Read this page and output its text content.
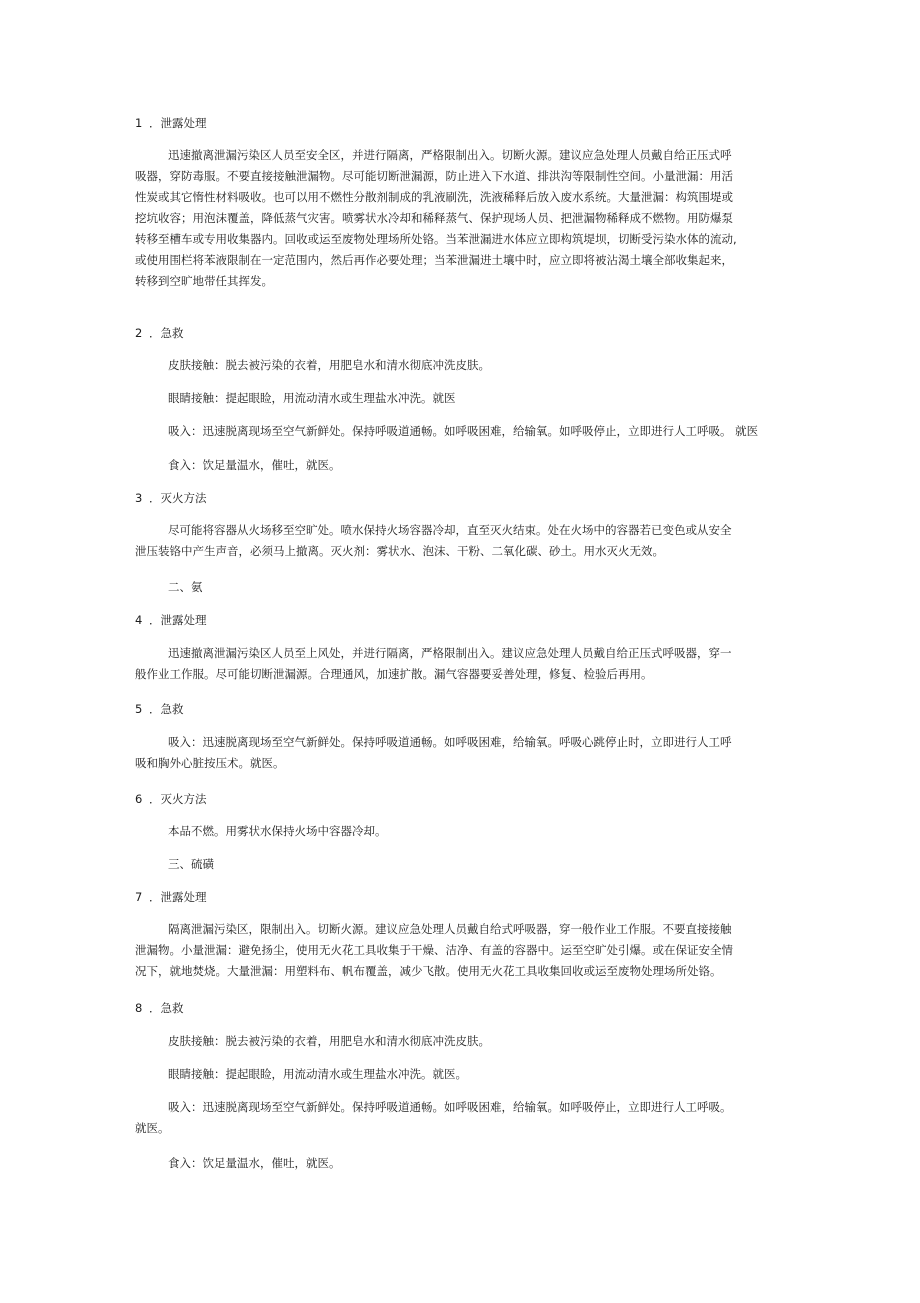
1 ．泄露处理
迅速撤离泄漏污染区人员至安全区，并进行隔离，严格限制出入。切断火源。建议应急处理人员戴自给正压式呼
吸器，穿防毒服。不要直接接触泄漏物。尽可能切断泄漏源，防止进入下水道、排洪沟等限制性空间。小量泄漏：用活
性炭或其它惰性材料吸收。也可以用不燃性分散剂制成的乳液刷洗，洗液稀释后放入废水系统。大量泄漏：构筑围堤或
挖坑收容；用泡沫覆盖，降低蒸气灾害。喷雾状水冷却和稀释蒸气、保护现场人员、把泄漏物稀释成不燃物。用防爆泵
转移至槽车或专用收集器内。回收或运至废物处理场所处铬。当苯泄漏进水体应立即构筑堤坝，切断受污染水体的流动,
或使用围栏将苯液限制在一定范围内，然后再作必要处理；当苯泄漏进土壤中时，应立即将被沾渴土壤全部收集起来，
转移到空旷地带任其挥发。
2 ．急救
皮肤接触：脱去被污染的衣着，用肥皂水和清水彻底冲洗皮肤。
眼睛接触：提起眼睑，用流动清水或生理盐水冲洗。就医
吸入：迅速脱离现场至空气新鲜处。保持呼吸道通畅。如呼吸困难，给输氧。如呼吸停止，立即进行人工呼吸。 就医
食入：饮足量温水，催吐，就医。
3 ．灭火方法
尽可能将容器从火场移至空旷处。喷水保持火场容器冷却，直至灭火结束。处在火场中的容器若已变色或从安全
泄压装铬中产生声音，必须马上撤离。灭火剂：雾状水、泡沫、干粉、二氧化碳、砂土。用水灭火无效。
二、氨
4 ．泄露处理
迅速撤离泄漏污染区人员至上风处，并进行隔离，严格限制出入。建议应急处理人员戴自给正压式呼吸器，穿一
般作业工作服。尽可能切断泄漏源。合理通风，加速扩散。漏气容器要妥善处理，修复、检验后再用。
5 ．急救
吸入：迅速脱离现场至空气新鲜处。保持呼吸道通畅。如呼吸困难，给输氧。呼吸心跳停止时，立即进行人工呼
吸和胸外心脏按压术。就医。
6 ．灭火方法
本品不燃。用雾状水保持火场中容器冷却。
三、硫磺
7 ．泄露处理
隔离泄漏污染区，限制出入。切断火源。建议应急处理人员戴自给式呼吸器，穿一般作业工作服。不要直接接触
泄漏物。小量泄漏：避免扬尘，使用无火花工具收集于干燥、洁净、有盖的容器中。运至空旷处引爆。或在保证安全情
况下，就地焚烧。大量泄漏：用塑料布、帆布覆盖，减少飞散。使用无火花工具收集回收或运至废物处理场所处铬。
8 ．急救
皮肤接触：脱去被污染的衣着，用肥皂水和清水彻底冲洗皮肤。
眼睛接触：提起眼睑，用流动清水或生理盐水冲洗。就医。
吸入：迅速脱离现场至空气新鲜处。保持呼吸道通畅。如呼吸困难，给输氧。如呼吸停止，立即进行人工呼吸。
就医。
食入：饮足量温水，催吐，就医。
